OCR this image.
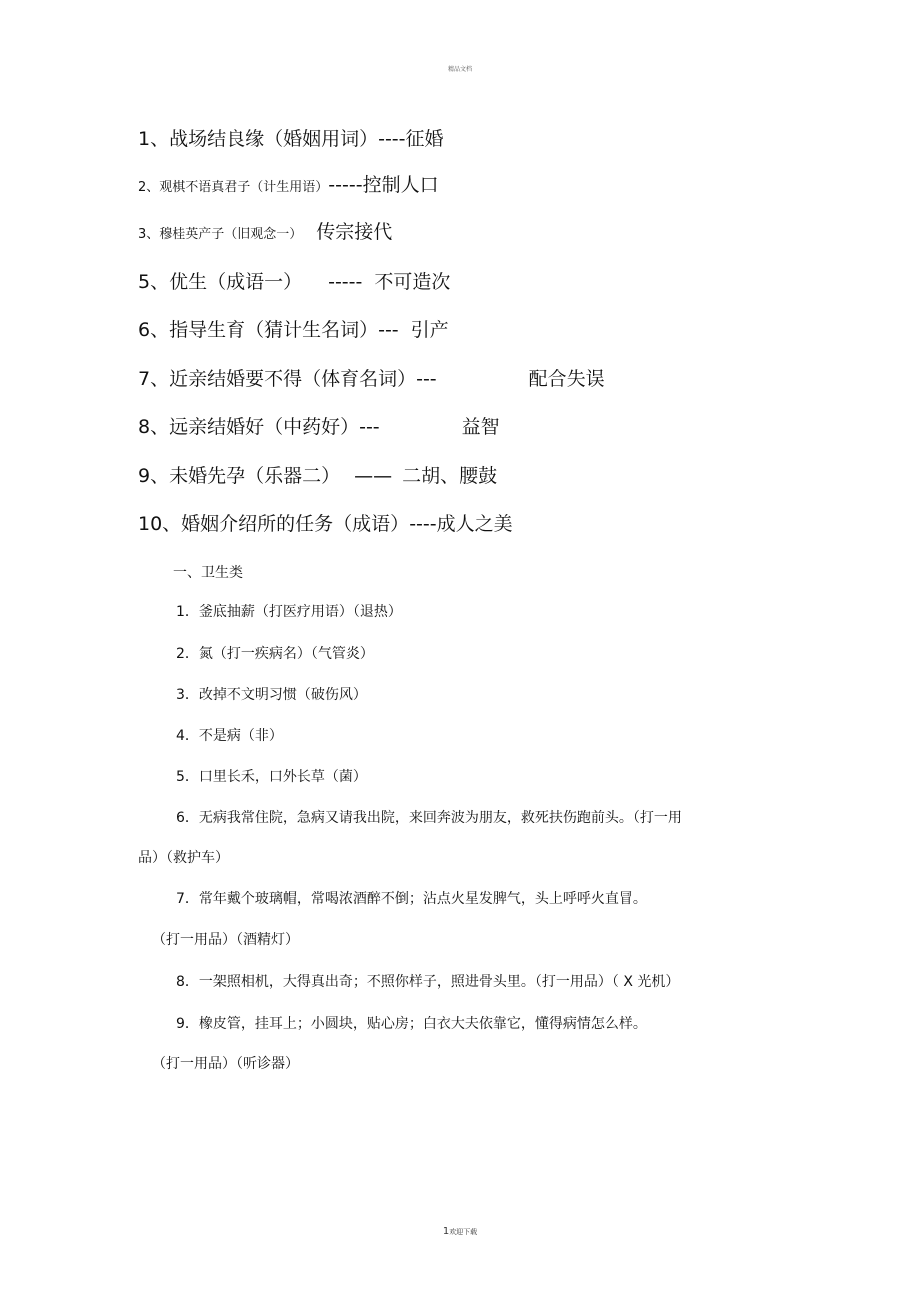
精品文档
1、战场结良缘（婚姻用词）----征婚
2、观棋不语真君子（计生用语）-----控制人口
3、穆桂英产子（旧观念一） 传宗接代
5、优生（成语一） ----- 不可造次
6、指导生育（猜计生名词）--- 引产
7、近亲结婚要不得（体育名词）---	配合失误
8、远亲结婚好（中药好）---	益智
9、未婚先孕（乐器二） —— 二胡、腰鼓
10、婚姻介绍所的任务（成语）----成人之美
一、卫生类
1．釜底抽薪（打医疗用语）（退热）
2．氮（打一疾病名）（气管炎）
3．改掉不文明习惯（破伤风）
4．不是病（非）
5．口里长禾，口外长草（菌）
6．无病我常住院，急病又请我出院，来回奔波为朋友，救死扶伤跑前头。（打一用
品）（救护车）
7．常年戴个玻璃帽，常喝浓酒醉不倒；沾点火星发脾气，头上呼呼火直冒。
（打一用品）（酒精灯）
8．一架照相机，大得真出奇；不照你样子，照进骨头里。（打一用品）（ X 光机）
9．橡皮管，挂耳上；小圆块，贴心房；白衣大夫依靠它，懂得病情怎么样。
（打一用品）（听诊器）
1欢迎下载
